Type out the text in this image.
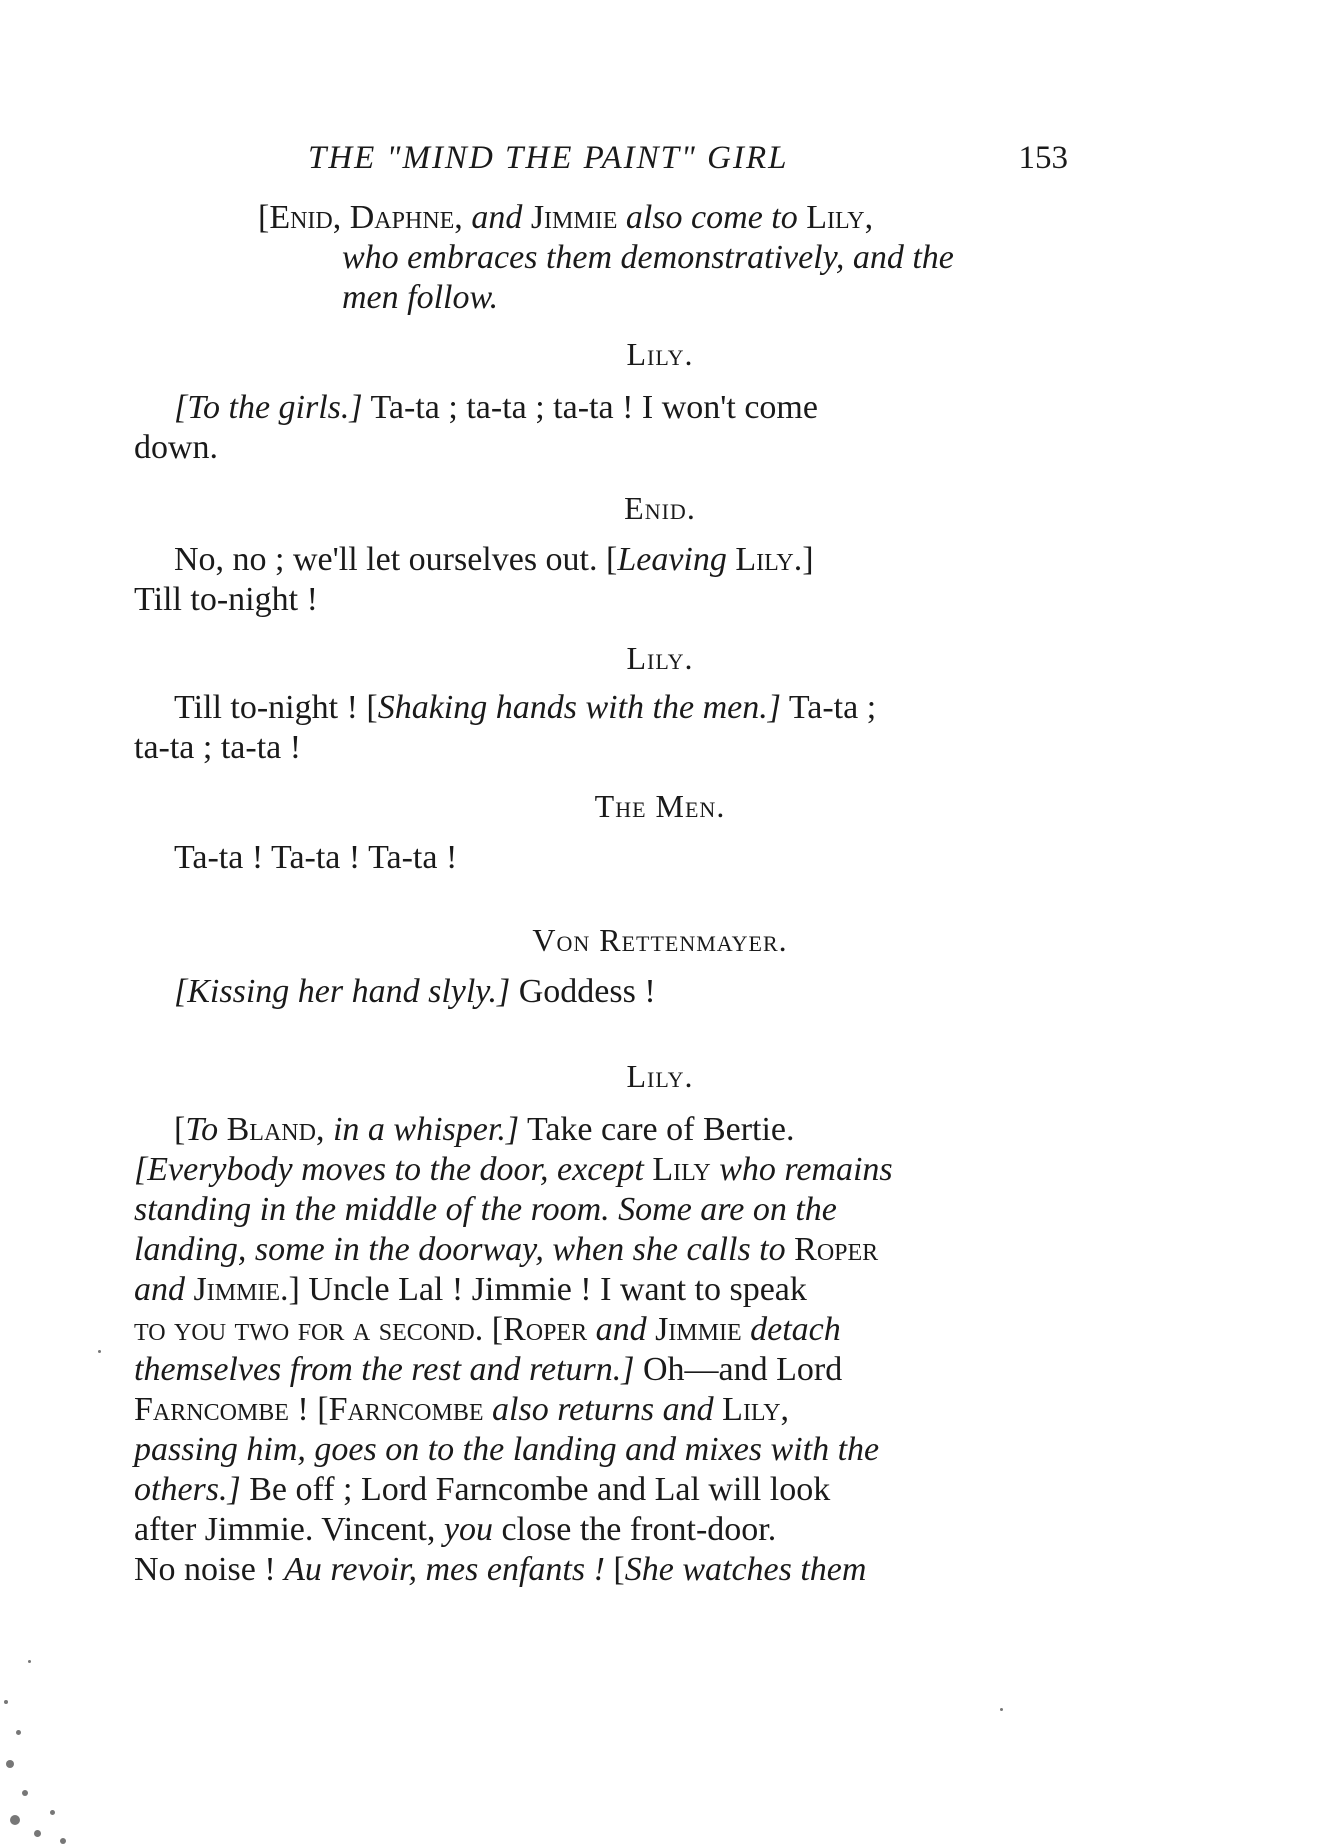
THE "MIND THE PAINT" GIRL	153
[Enid, Daphne, and Jimmie also come to Lily,
who embraces them demonstratively, and the
men follow.
Lily.
[To the girls.] Ta-ta ; ta-ta ; ta-ta ! I won't come
down.
Enid.
No, no ; we'll let ourselves out. [Leaving Lily.]
Till to-night !
Lily.
Till to-night ! [Shaking hands with the men.] Ta-ta ;
ta-ta ; ta-ta !
The Men.
Ta-ta ! Ta-ta ! Ta-ta !
Von Rettenmayer.
[Kissing her hand slyly.] Goddess !
Lily.
[To Bland, in a whisper.] Take care of Bertie.
[Everybody moves to the door, except Lily who remains
standing in the middle of the room. Some are on the
landing, some in the doorway, when she calls to Roper
and Jimmie.] Uncle Lal ! Jimmie ! I want to speak
to you two for a second. [Roper and Jimmie detach
themselves from the rest and return.] Oh—and Lord
Farncombe ! [Farncombe also returns and Lily,
passing him, goes on to the landing and mixes with the
others.] Be off ; Lord Farncombe and Lal will look
after Jimmie. Vincent, you close the front-door.
No noise ! Au revoir, mes enfants ! [She watches them
